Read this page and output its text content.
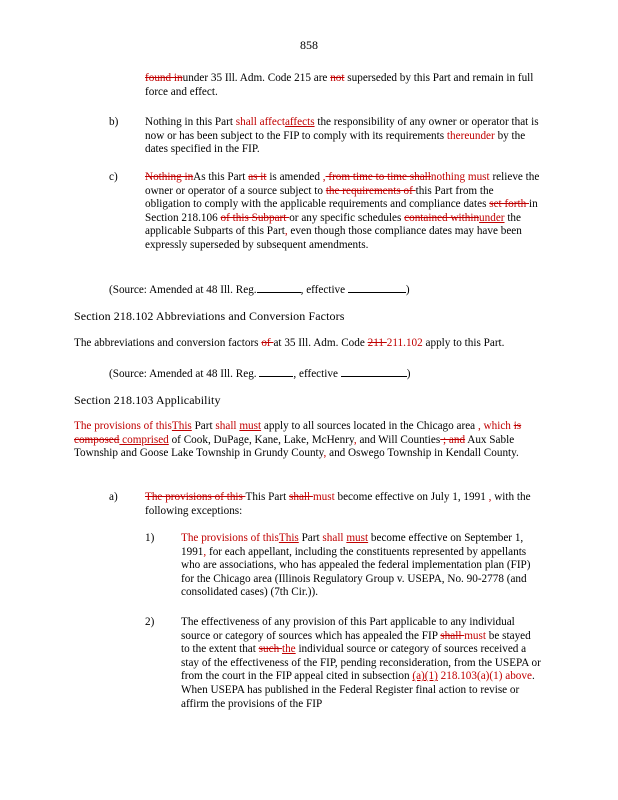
858
found inunder 35 Ill. Adm. Code 215 are not superseded by this Part and remain in full force and effect.
b) Nothing in this Part shall affectaffects the responsibility of any owner or operator that is now or has been subject to the FIP to comply with its requirements thereunder by the dates specified in the FIP.
c) Nothing inAs this Part as it is amended , from time to time shallnothing must relieve the owner or operator of a source subject to the requirements of this Part from the obligation to comply with the applicable requirements and compliance dates set forth in Section 218.106 of this Subpart or any specific schedules contained withinunder the applicable Subparts of this Part, even though those compliance dates may have been expressly superseded by subsequent amendments.
(Source: Amended at 48 Ill. Reg.	, effective	)
Section 218.102 Abbreviations and Conversion Factors
The abbreviations and conversion factors of at 35 Ill. Adm. Code 211 211.102 apply to this Part.
(Source: Amended at 48 Ill. Reg.	, effective	)
Section 218.103 Applicability
The provisions of thisThis Part shall must apply to all sources located in the Chicago area , which is composed comprised of Cook, DuPage, Kane, Lake, McHenry, and Will Counties ; and Aux Sable Township and Goose Lake Township in Grundy County, and Oswego Township in Kendall County.
a) The provisions of this This Part shall must become effective on July 1, 1991 , with the following exceptions:
1) The provisions of thisThis Part shall must become effective on September 1, 1991, for each appellant, including the constituents represented by appellants who are associations, who has appealed the federal implementation plan (FIP) for the Chicago area (Illinois Regulatory Group v. USEPA, No. 90-2778 (and consolidated cases) (7th Cir.)).
2) The effectiveness of any provision of this Part applicable to any individual source or category of sources which has appealed the FIP shall must be stayed to the extent that such the individual source or category of sources received a stay of the effectiveness of the FIP, pending reconsideration, from the USEPA or from the court in the FIP appeal cited in subsection (a)(1) 218.103(a)(1) above. When USEPA has published in the Federal Register final action to revise or affirm the provisions of the FIP
